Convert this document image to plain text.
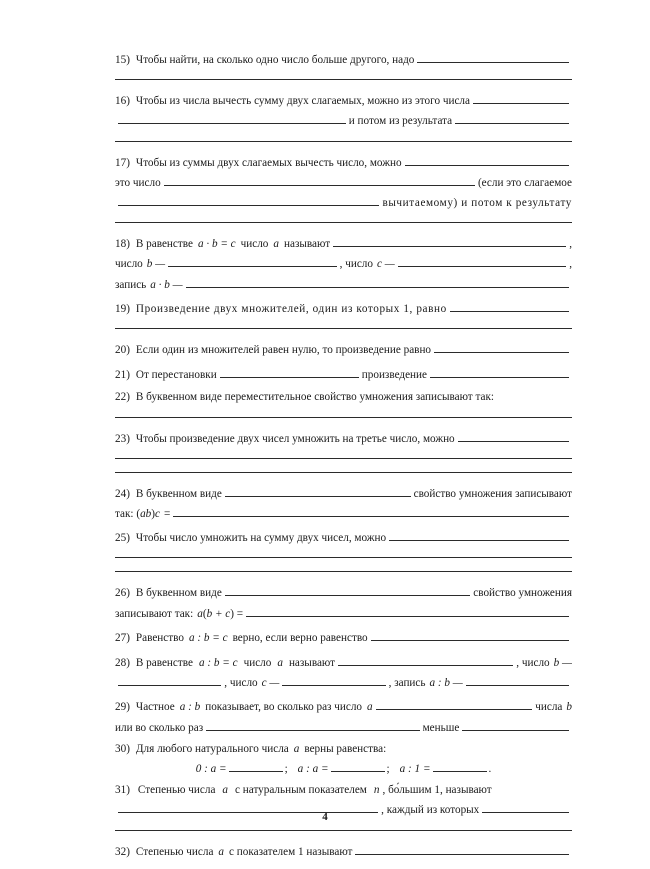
15) Чтобы найти, на сколько одно число больше другого, надо
16) Чтобы из числа вычесть сумму двух слагаемых, можно из этого числа
и потом из результата
17) Чтобы из суммы двух слагаемых вычесть число, можно
это число	(если это слагаемое
вычитаемому) и потом к результату
18) В равенстве a · b = c число a называют	,
число b —	, число c —	,
запись a · b —
19) Произведение двух множителей, один из которых 1, равно
20) Если один из множителей равен нулю, то произведение равно
21) От перестановки	произведение
22) В буквенном виде переместительное свойство умножения записывают так:
23) Чтобы произведение двух чисел умножить на третье число, можно
24) В буквенном виде	свойство умножения записывают
так: ( ab ) c =
25) Чтобы число умножить на сумму двух чисел, можно
26) В буквенном виде	свойство умножения
записывают так: a ( b + c ) =
27) Равенство a : b = c верно, если верно равенство
28) В равенстве a : b = c число a называют	, число b —
, число c —	, запись a : b —
29) Частное a : b показывает, во сколько раз число a	числа b
или во сколько раз	меньше
30) Для любого натурального числа a верны равенства:
0 : a =	; a : a =	; a : 1 =	.
31) Степенью числа a с натуральным показателем n , бо́льшим 1, называют
, каждый из которых
32) Степенью числа a с показателем 1 называют
4
